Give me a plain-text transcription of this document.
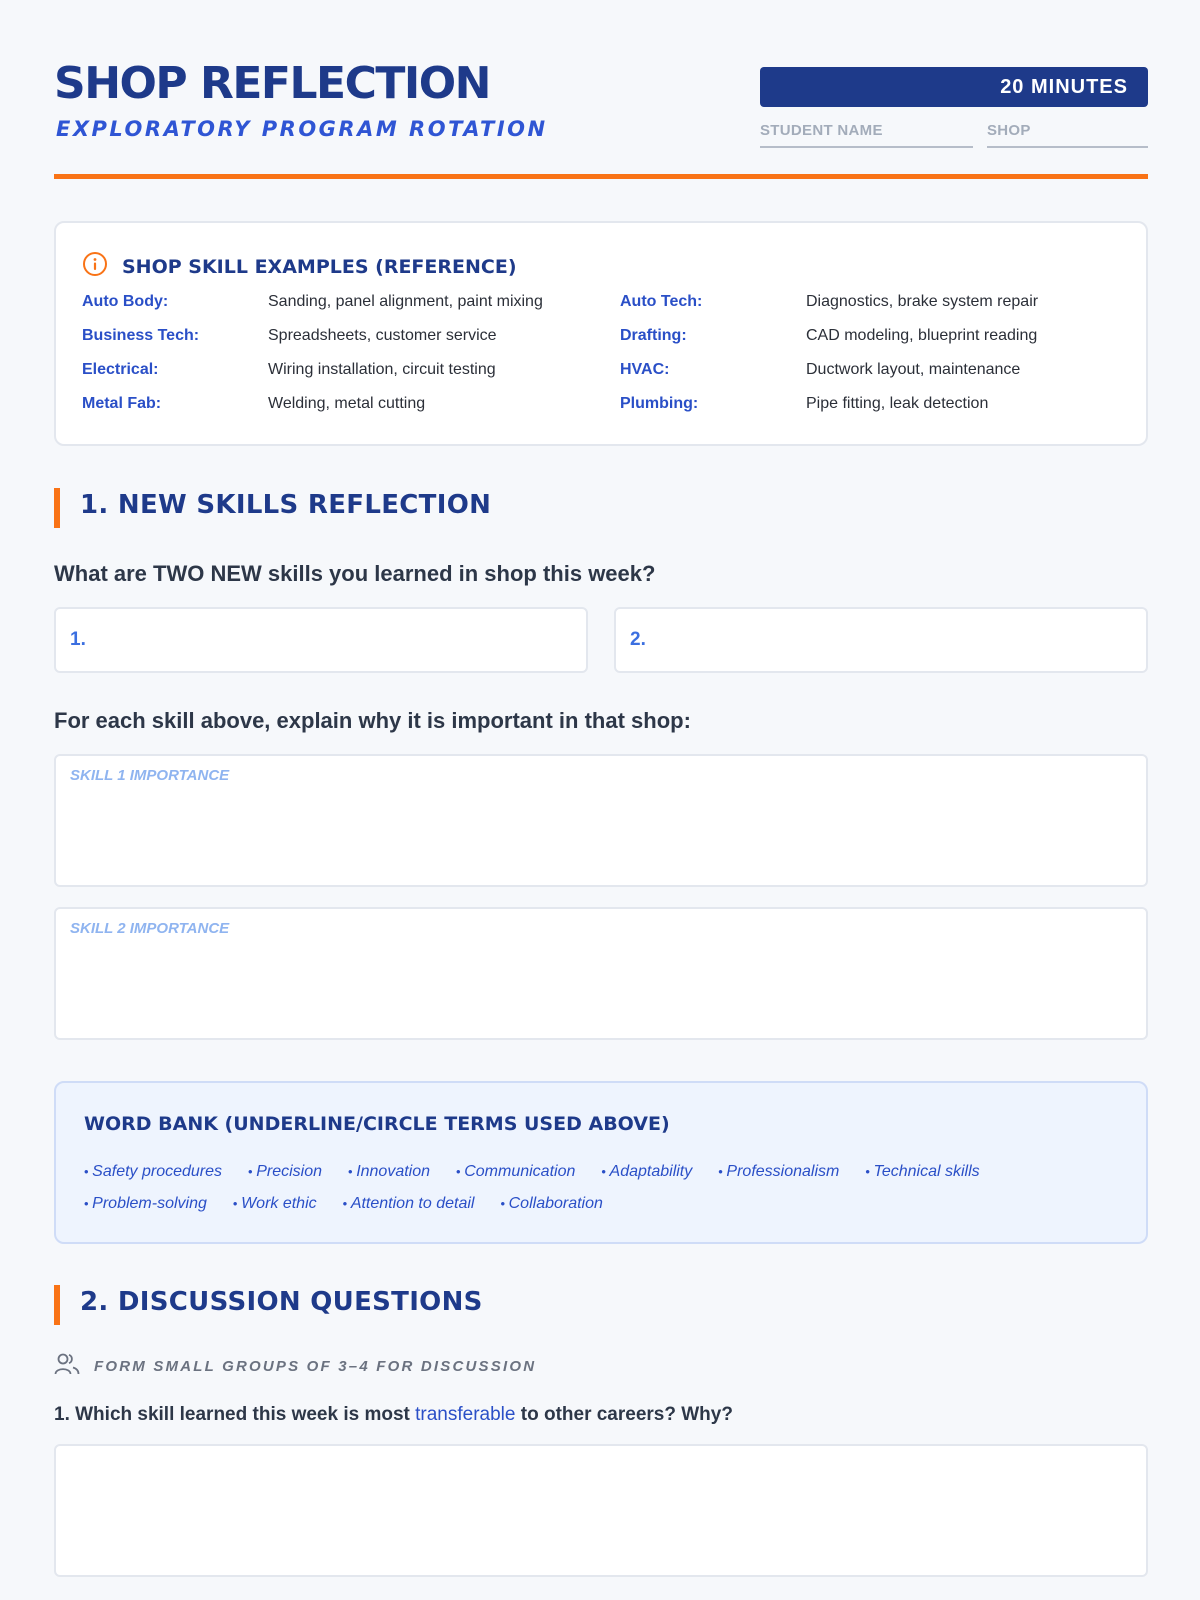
SHOP REFLECTION
EXPLORATORY PROGRAM ROTATION
20 MINUTES
STUDENT NAME	SHOP
SHOP SKILL EXAMPLES (REFERENCE)
Auto Body:	Sanding, panel alignment, paint mixing	Auto Tech:	Diagnostics, brake system repair
Business Tech:	Spreadsheets, customer service	Drafting:	CAD modeling, blueprint reading
Electrical:	Wiring installation, circuit testing	HVAC:	Ductwork layout, maintenance
Metal Fab:	Welding, metal cutting	Plumbing:	Pipe fitting, leak detection
1. NEW SKILLS REFLECTION
What are TWO NEW skills you learned in shop this week?
1.	2.
For each skill above, explain why it is important in that shop:
SKILL 1 IMPORTANCE
SKILL 2 IMPORTANCE
WORD BANK (UNDERLINE/CIRCLE TERMS USED ABOVE)
• Safety procedures	• Precision	• Innovation	• Communication	• Adaptability	• Professionalism	• Technical skills
• Problem-solving	• Work ethic	• Attention to detail	• Collaboration
2. DISCUSSION QUESTIONS
FORM SMALL GROUPS OF 3–4 FOR DISCUSSION
1. Which skill learned this week is most transferable to other careers? Why?
